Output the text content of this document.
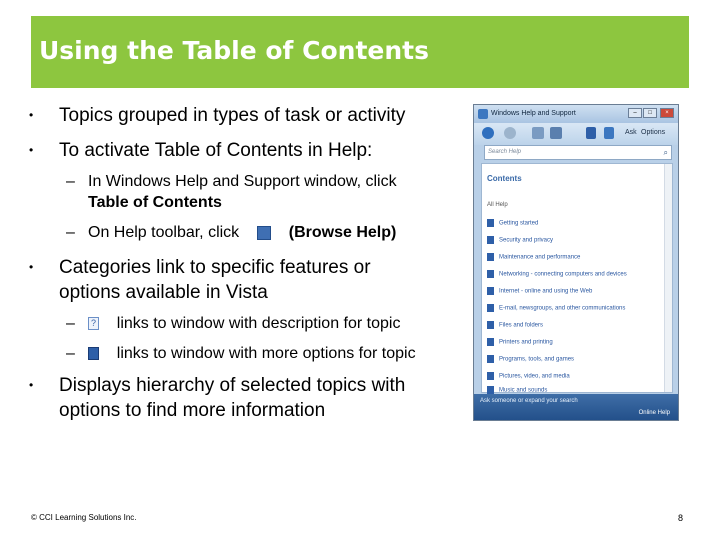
Using the Table of Contents
• Topics grouped in types of task or activity
• To activate Table of Contents in Help:
– In Windows Help and Support window, click
Table of Contents
– On Help toolbar, click	(Browse Help)
• Categories link to specific features or
options available in Vista
–	? links to window with description for topic
–	links to window with more options for topic
• Displays hierarchy of selected topics with
options to find more information
Windows Help and Support	–	□	×
Ask Options
Search Help	⌕
Contents
All Help
Getting started
Security and privacy
Maintenance and performance
Networking - connecting computers and devices
Internet - online and using the Web
E-mail, newsgroups, and other communications
Files and folders
Printers and printing
Programs, tools, and games
Pictures, video, and media
Music and sounds
Ask someone or expand your search
Online Help
© CCI Learning Solutions Inc.	8
